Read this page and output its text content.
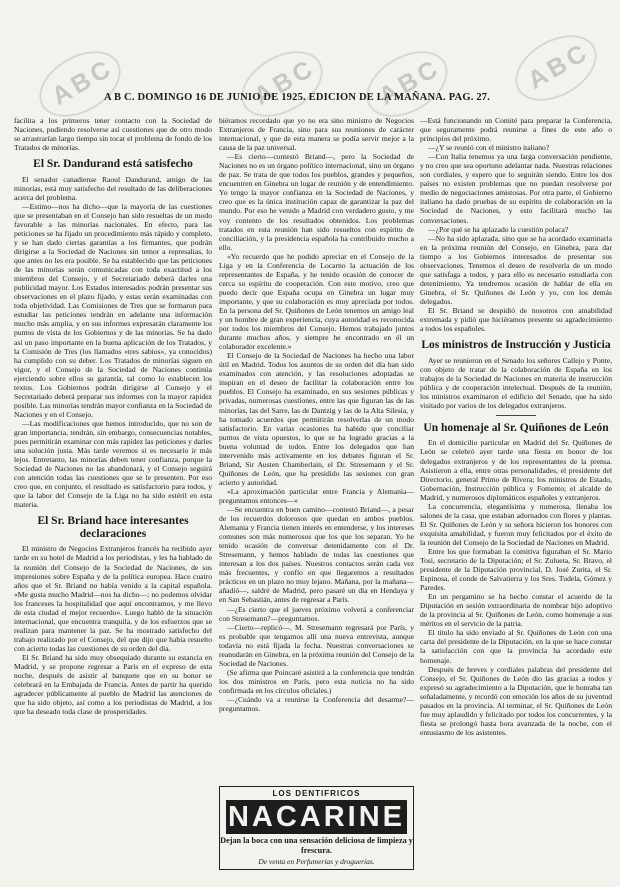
ABC	ABC ABC	ABC
A B C. DOMINGO 16 DE JUNIO DE 1925. EDICION DE LA MAÑANA. PAG. 27.

facilita a los primeros tener contacto con la Sociedad de Naciones, pudiendo resolverse así cuestiones que de otro modo se arrastrarían largo tiempo sin tocar el problema de fondo de los Tratados de minorías.

El Sr. Dandurand está satisfecho

El senador canadiense Raoul Dandurand, amigo de las minorías, está muy satisfecho del resultado de las deliberaciones acerca del problema.

—Estimo—nos ha dicho—que la mayoría de las cuestiones que se presentaban en el Consejo han sido resueltas de un modo favorable a las minorías nacionales. En efecto, para las peticiones se ha fijado un procedimiento más rápido y completo, y se han dado ciertas garantías a los firmantes, que podrán dirigirse a la Sociedad de Naciones sin temor a represalias, lo que antes no les era posible. Se ha establecido que las peticiones de las minorías serán comunicadas con toda exactitud a los miembros del Consejo, y el Secretariado deberá darles una publicidad mayor. Los Estados interesados podrán presentar sus observaciones en el plazo fijado, y estas serán examinadas con toda objetividad. Las Comisiones de Tres que se formaron para estudiar las peticiones tendrán en adelante una información mucho más amplia, y en sus informes expresarán claramente los puntos de vista de los Gobiernos y de las minorías. Se ha dado así un paso importante en la buena aplicación de los Tratados, y la Comisión de Tres (los llamados «tres sabios», ya conocidos) ha cumplido con su deber. Los Tratados de minorías siguen en vigor, y el Consejo de la Sociedad de Naciones continúa ejerciendo sobre ellos su garantía, tal como lo establecen los textos. Los Gobiernos podrán dirigirse al Consejo y el Secretariado deberá preparar sus informes con la mayor rapidez posible. Las minorías tendrán mayor confianza en la Sociedad de Naciones y en el Consejo.

—Las modificaciones que hemos introducido, que no son de gran importancia, tendrán, sin embargo, consecuencias notables, pues permitirán examinar con más rapidez las peticiones y darles una solución justa. Más tarde veremos si es necesario ir más lejos. Entretanto, las minorías deben tener confianza, porque la Sociedad de Naciones no las abandonará, y el Consejo seguirá con atención todas las cuestiones que se le presenten. Por eso creo que, en conjunto, el resultado es satisfactorio para todos, y que la labor del Consejo de la Liga no ha sido estéril en esta materia.

El Sr. Briand hace interesantes declaraciones

El ministro de Negocios Extranjeros francés ha recibido ayer tarde en su hotel de Madrid a los periodistas, y les ha hablado de la reunión del Consejo de la Sociedad de Naciones, de sus impresiones sobre España y de la política europea. Hace cuatro años que el Sr. Briand no había venido a la capital española. «Me gusta mucho Madrid—nos ha dicho—; no podemos olvidar los franceses la hospitalidad que aquí encontramos, y me llevo de esta ciudad el mejor recuerdo». Luego habló de la situación internacional, que encuentra tranquila, y de los esfuerzos que se realizan para mantener la paz. Se ha mostrado satisfecho del trabajo realizado por el Consejo, del que dijo que había resuelto con acierto todas las cuestiones de su orden del día.

El Sr. Briand ha sido muy obsequiado durante su estancia en Madrid, y se propone regresar a París en el expreso de esta noche, después de asistir al banquete que en su honor se celebrará en la Embajada de Francia. Antes de partir ha querido agradecer públicamente al pueblo de Madrid las atenciones de que ha sido objeto, así como a los periodistas de Madrid, a los que ha deseado toda clase de prosperidades.

biéramos recordado que yo no era sino ministro de Negocios Extranjeros de Francia, sino para sus reuniones de carácter internacional, y que de esta manera se podía servir mejor a la causa de la paz universal.

—Es cierto—contestó Briand—, pero la Sociedad de Naciones no es un órgano político internacional, sino un órgano de paz. Se trata de que todos los pueblos, grandes y pequeños, encuentren en Ginebra un lugar de reunión y de entendimiento. Yo tengo la mayor confianza en la Sociedad de Naciones, y creo que es la única institución capaz de garantizar la paz del mundo. Por eso he venido a Madrid con verdadero gusto, y me voy contento de los resultados obtenidos. Los problemas tratados en esta reunión han sido resueltos con espíritu de conciliación, y la presidencia española ha contribuido mucho a ello.

«Yo recuerdo que he podido apreciar en el Consejo de la Liga y en la Conferencia de Locarno la actuación de los representantes de España, y he tenido ocasión de conocer de cerca su espíritu de cooperación. Con este motivo, creo que puedo decir que España ocupa en Ginebra un lugar muy importante, y que su colaboración es muy apreciada por todos. En la persona del Sr. Quiñones de León tenemos un amigo leal y un hombre de gran experiencia, cuya autoridad es reconocida por todos los miembros del Consejo. Hemos trabajado juntos durante muchos años, y siempre he encontrado en él un colaborador excelente.»

El Consejo de la Sociedad de Naciones ha hecho una labor útil en Madrid. Todos los asuntos de su orden del día han sido examinados con atención, y las resoluciones adoptadas se inspiran en el deseo de facilitar la colaboración entre los pueblos. El Consejo ha examinado, en sus sesiones públicas y privadas, numerosas cuestiones, entre las que figuran las de las minorías, las del Sarre, las de Dantzig y las de la Alta Silesia, y ha tomado acuerdos que permitirán resolverlas de un modo satisfactorio. En varias ocasiones ha habido que conciliar puntos de vista opuestos, lo que se ha logrado gracias a la buena voluntad de todos. Entre los delegados que han intervenido más activamente en los debates figuran el Sr. Briand, Sir Austen Chamberlain, el Dr. Stresemann y el Sr. Quiñones de León, que ha presidido las sesiones con gran acierto y autoridad.

«La aproximación particular entre Francia y Alemania—preguntamos entonces—»

—Se encuentra en buen camino—contestó Briand—, a pesar de los recuerdos dolorosos que quedan en ambos pueblos. Alemania y Francia tienen interés en entenderse, y los intereses comunes son más numerosos que los que los separan. Yo he tenido ocasión de conversar detenidamente con el Dr. Stresemann, y hemos hablado de todas las cuestiones que interesan a los dos países. Nuestros contactos serán cada vez más frecuentes, y confío en que llegaremos a resultados prácticos en un plazo no muy lejano. Mañana, por la mañana—añadió—, saldré de Madrid, pero pasaré un día en Hendaya y en San Sebastián, antes de regresar a París.

—¿Es cierto que el jueves próximo volverá a conferenciar con Stresemann?—preguntamos.

—Cierto—replicó—. M. Stresemann regresará por París, y es probable que tengamos allí una nueva entrevista, aunque todavía no está fijada la fecha. Nuestras conversaciones se reanudarán en Ginebra, en la próxima reunión del Consejo de la Sociedad de Naciones.

(Se afirma que Poincaré asistirá a la conferencia que tendrán los dos ministros en París, pero esta noticia no ha sido confirmada en los círculos oficiales.)

—¿Cuándo va a reunirse la Conferencia del desarme?—preguntamos.

LOS DENTIFRICOS
NACARINE
Dejan la boca con una sensación deliciosa de limpieza y frescura.
De venta en Perfumerías y droguerías.

—Está funcionando un Comité para preparar la Conferencia, que seguramente podrá reunirse a fines de este año o principios del próximo.

—¿Y se reunió con el ministro italiano?

—Con Italia tenemos ya una larga conversación pendiente, y no creo que sea oportuno adelantar nada. Nuestras relaciones son cordiales, y espero que lo seguirán siendo. Entre los dos países no existen problemas que no puedan resolverse por medio de negociaciones amistosas. Por otra parte, el Gobierno italiano ha dado pruebas de su espíritu de colaboración en la Sociedad de Naciones, y esto facilitará mucho las conversaciones.

—¿Por qué se ha aplazado la cuestión polaca?

—No ha sido aplazada, sino que se ha acordado examinarla en la próxima reunión del Consejo, en Ginebra, para dar tiempo a los Gobiernos interesados de presentar sus observaciones. Tenemos el deseo de resolverla de un modo que satisfaga a todos, y para ello es necesario estudiarla con detenimiento. Ya tendremos ocasión de hablar de ella en Ginebra, el Sr. Quiñones de León y yo, con los demás delegados.

El Sr. Briand se despidió de nosotros con amabilidad extremada y pidió que hiciéramos presente su agradecimiento a todos los españoles.

Los ministros de Instrucción y Justicia

Ayer se reunieron en el Senado los señores Callejo y Ponte, con objeto de tratar de la colaboración de España en los trabajos de la Sociedad de Naciones en materia de instrucción pública y de cooperación intelectual. Después de la reunión, los ministros examinaron el edificio del Senado, que ha sido visitado por varios de los delegados extranjeros.

Un homenaje al Sr. Quiñones de León

En el domicilio particular en Madrid del Sr. Quiñones de León se celebró ayer tarde una fiesta en honor de los delegados extranjeros y de los representantes de la prensa. Asistieron a ella, entre otras personalidades, el presidente del Directorio, general Primo de Rivera; los ministros de Estado, Gobernación, Instrucción pública y Fomento; el alcalde de Madrid, y numerosos diplomáticos españoles y extranjeros.

La concurrencia, elegantísima y numerosa, llenaba los salones de la casa, que estaban adornados con flores y plantas. El Sr. Quiñones de León y su señora hicieron los honores con exquisita amabilidad, y fueron muy felicitados por el éxito de la reunión del Consejo de la Sociedad de Naciones en Madrid.

Entre los que formaban la comitiva figuraban el Sr. Mario Tosi, secretario de la Diputación; el Sr. Zulueta, Sr. Bravo, el presidente de la Diputación provincial, D. José Zurita, el Sr. Espinosa, el conde de Salvatierra y los Sres. Tudela, Gómez y Paredes.

En un pergamino se ha hecho constar el acuerdo de la Diputación en sesión extraordinaria de nombrar hijo adoptivo de la provincia al Sr. Quiñones de León, como homenaje a sus méritos en el servicio de la patria.

El título ha sido enviado al Sr. Quiñones de León con una carta del presidente de la Diputación, en la que se hace constar la satisfacción con que la provincia ha acordado este homenaje.

Después de breves y cordiales palabras del presidente del Consejo, el Sr. Quiñones de León dio las gracias a todos y expresó su agradecimiento a la Diputación, que le honraba tan señaladamente, y recordó con emoción los años de su juventud pasados en la provincia. Al terminar, el Sr. Quiñones de León fue muy aplaudido y felicitado por todos los concurrentes, y la fiesta se prolongó hasta hora avanzada de la noche, con el entusiasmo de los asistentes.
